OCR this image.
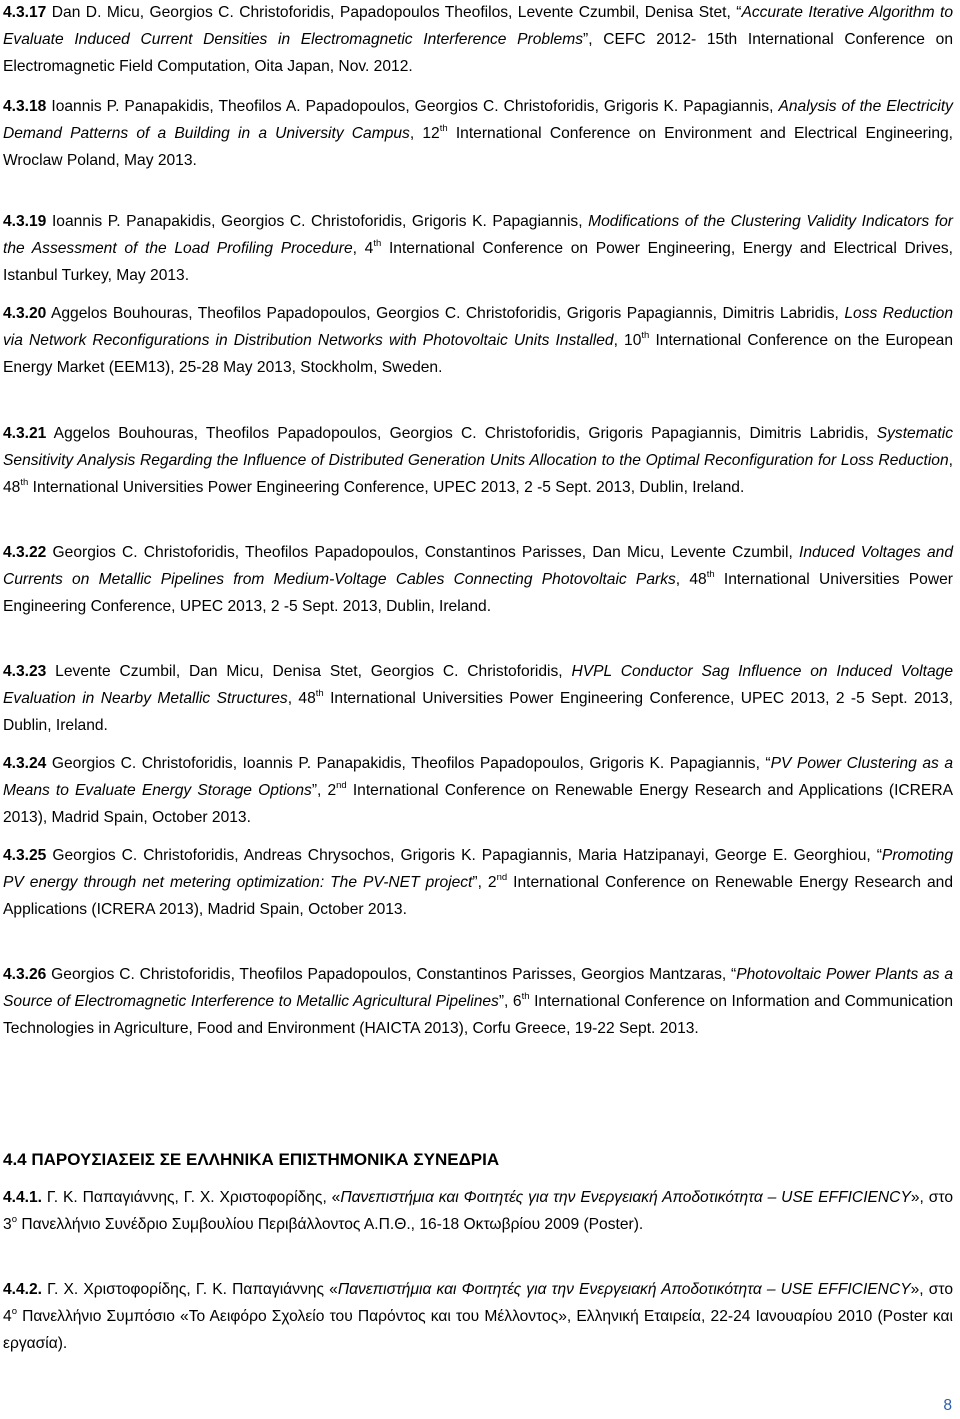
4.3.17 Dan D. Micu, Georgios C. Christoforidis, Papadopoulos Theofilos, Levente Czumbil, Denisa Stet, “Accurate Iterative Algorithm to Evaluate Induced Current Densities in Electromagnetic Interference Problems”, CEFC 2012- 15th International Conference on Electromagnetic Field Computation, Oita Japan, Nov. 2012.
4.3.18 Ioannis P. Panapakidis, Theofilos A. Papadopoulos, Georgios C. Christoforidis, Grigoris K. Papagiannis, Analysis of the Electricity Demand Patterns of a Building in a University Campus, 12th International Conference on Environment and Electrical Engineering, Wroclaw Poland, May 2013.
4.3.19 Ioannis P. Panapakidis, Georgios C. Christoforidis, Grigoris K. Papagiannis, Modifications of the Clustering Validity Indicators for the Assessment of the Load Profiling Procedure, 4th International Conference on Power Engineering, Energy and Electrical Drives, Istanbul Turkey, May 2013.
4.3.20 Aggelos Bouhouras, Theofilos Papadopoulos, Georgios C. Christoforidis, Grigoris Papagiannis, Dimitris Labridis, Loss Reduction via Network Reconfigurations in Distribution Networks with Photovoltaic Units Installed, 10th International Conference on the European Energy Market (EEM13), 25-28 May 2013, Stockholm, Sweden.
4.3.21 Aggelos Bouhouras, Theofilos Papadopoulos, Georgios C. Christoforidis, Grigoris Papagiannis, Dimitris Labridis, Systematic Sensitivity Analysis Regarding the Influence of Distributed Generation Units Allocation to the Optimal Reconfiguration for Loss Reduction, 48th International Universities Power Engineering Conference, UPEC 2013, 2 -5 Sept. 2013, Dublin, Ireland.
4.3.22 Georgios C. Christoforidis, Theofilos Papadopoulos, Constantinos Parisses, Dan Micu, Levente Czumbil, Induced Voltages and Currents on Metallic Pipelines from Medium-Voltage Cables Connecting Photovoltaic Parks, 48th International Universities Power Engineering Conference, UPEC 2013, 2 -5 Sept. 2013, Dublin, Ireland.
4.3.23 Levente Czumbil, Dan Micu, Denisa Stet, Georgios C. Christoforidis, HVPL Conductor Sag Influence on Induced Voltage Evaluation in Nearby Metallic Structures, 48th International Universities Power Engineering Conference, UPEC 2013, 2 -5 Sept. 2013, Dublin, Ireland.
4.3.24 Georgios C. Christoforidis, Ioannis P. Panapakidis, Theofilos Papadopoulos, Grigoris K. Papagiannis, “PV Power Clustering as a Means to Evaluate Energy Storage Options”, 2nd International Conference on Renewable Energy Research and Applications (ICRERA 2013), Madrid Spain, October 2013.
4.3.25 Georgios C. Christoforidis, Andreas Chrysochos, Grigoris K. Papagiannis, Maria Hatzipanayi, George E. Georghiou, “Promoting PV energy through net metering optimization: The PV-NET project”, 2nd International Conference on Renewable Energy Research and Applications (ICRERA 2013), Madrid Spain, October 2013.
4.3.26 Georgios C. Christoforidis, Theofilos Papadopoulos, Constantinos Parisses, Georgios Mantzaras, “Photovoltaic Power Plants as a Source of Electromagnetic Interference to Metallic Agricultural Pipelines”, 6th International Conference on Information and Communication Technologies in Agriculture, Food and Environment (HAICTA 2013), Corfu Greece, 19-22 Sept. 2013.
4.4 ΠΑΡΟΥΣΙΑΣΕΙΣ ΣΕ ΕΛΛΗΝΙΚΑ ΕΠΙΣΤΗΜΟΝΙΚΑ ΣΥΝΕΔΡΙΑ
4.4.1. Γ. Κ. Παπαγιάννης, Γ. Χ. Χριστοφορίδης, «Πανεπιστήμια και Φοιτητές για την Ενεργειακή Αποδοτικότητα – USE EFFICIENCY», στο $3^o$ Πανελλήνιο Συνέδριο Συμβουλίου Περιβάλλοντος Α.Π.Θ., 16-18 Οκτωβρίου 2009 (Poster).
4.4.2. Γ. Χ. Χριστοφορίδης, Γ. Κ. Παπαγιάννης «Πανεπιστήμια και Φοιτητές για την Ενεργειακή Αποδοτικότητα – USE EFFICIENCY», στο $4^o$ Πανελλήνιο Συμπόσιο «Το Αειφόρο Σχολείο του Παρόντος και του Μέλλοντος», Ελληνική Εταιρεία, 22-24 Ιανουαρίου 2010 (Poster και εργασία).
8
